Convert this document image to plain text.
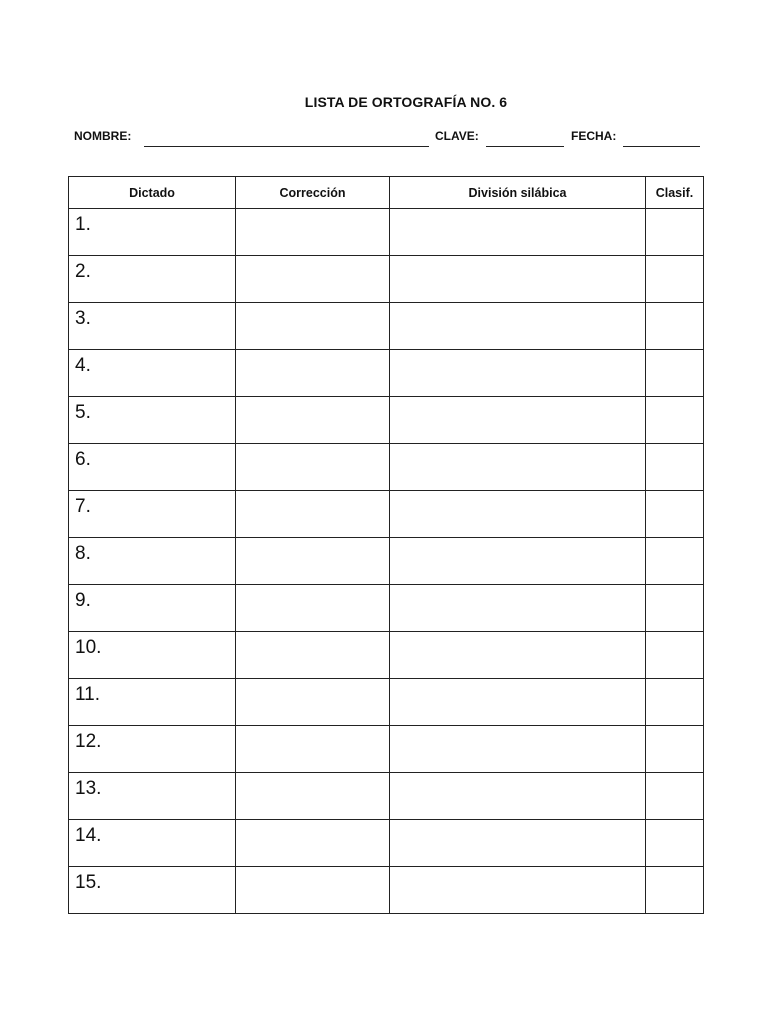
LISTA DE ORTOGRAFÍA NO. 6
NOMBRE:	CLAVE:	FECHA:
Dictado	Corrección	División silábica	Clasif.
1.			
2.			
3.			
4.			
5.			
6.			
7.			
8.			
9.			
10.			
11.			
12.			
13.			
14.			
15.			
